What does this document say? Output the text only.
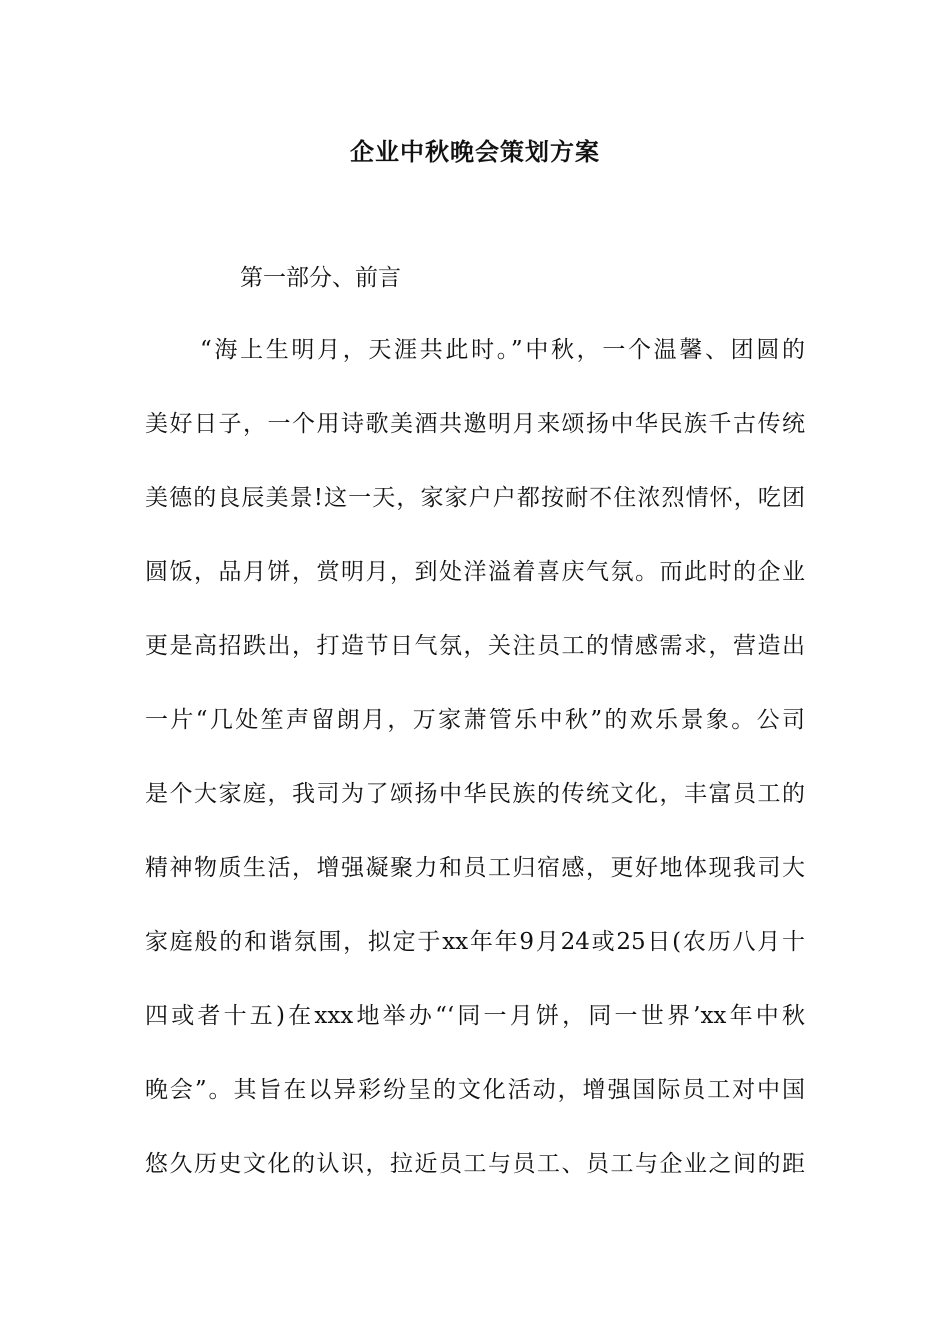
企业中秋晚会策划方案
第一部分、前言
“海上生明月，天涯共此时。”中秋，一个温馨、团圆的
美好日子，一个用诗歌美酒共邀明月来颂扬中华民族千古传统
美德的良辰美景!这一天，家家户户都按耐不住浓烈情怀，吃团
圆饭，品月饼，赏明月，到处洋溢着喜庆气氛。而此时的企业
更是高招跌出，打造节日气氛，关注员工的情感需求，营造出
一片“几处笙声留朗月，万家萧管乐中秋”的欢乐景象。公司
是个大家庭，我司为了颂扬中华民族的传统文化，丰富员工的
精神物质生活，增强凝聚力和员工归宿感，更好地体现我司大
家庭般的和谐氛围，拟定于xx年年9月24或25日(农历八月十
四或者十五)在xxx地举办“‘同一月饼，同一世界’xx年中秋
晚会”。其旨在以异彩纷呈的文化活动，增强国际员工对中国
悠久历史文化的认识，拉近员工与员工、员工与企业之间的距
